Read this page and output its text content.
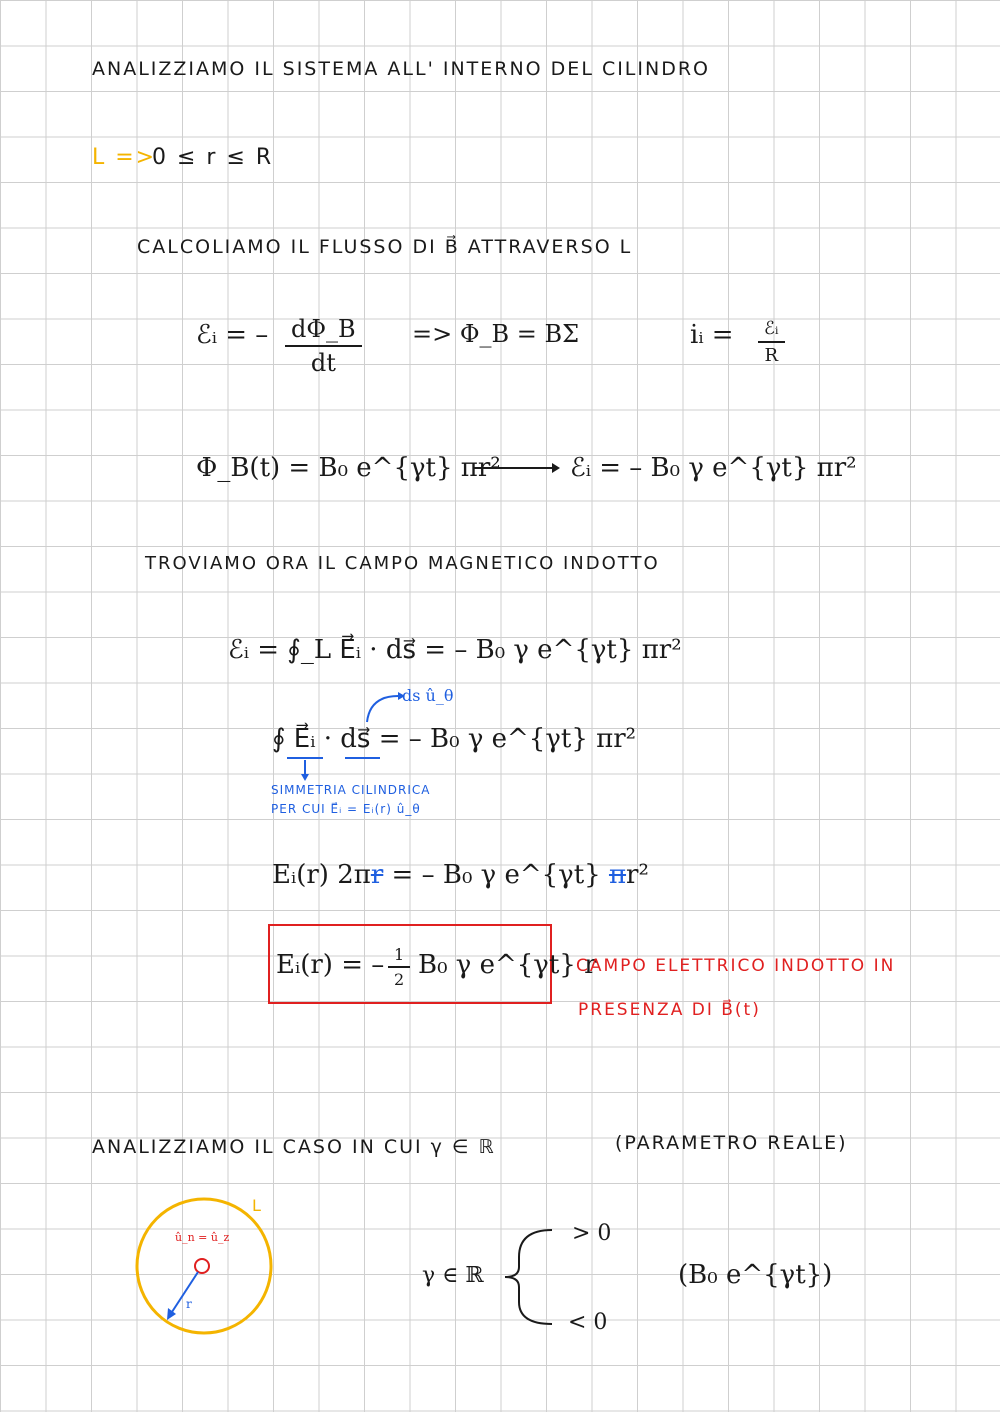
ANALIZZIAMO IL SISTEMA ALL' INTERNO DEL CILINDRO
L =>
0 ≤ r ≤ R
CALCOLIAMO IL FLUSSO DI B⃗ ATTRAVERSO L
ℰᵢ = – $\frac{d\Phi\_B}{dt}$ => Φ_B = BΣ	iᵢ =	ℰᵢ
R
Φ_B(t) = B₀ e^{γt} πr²	ℰᵢ = – B₀ γ e^{γt} πr²
TROVIAMO ORA IL CAMPO MAGNETICO INDOTTO
ℰᵢ = ∮_L E⃗ᵢ · ds⃗ = – B₀ γ e^{γt} πr²
ds û_θ
∮ E⃗ᵢ · ds⃗ = – B₀ γ e^{γt} πr²
SIMMETRIA CILINDRICA
PER CUI E⃗ᵢ = Eᵢ(r) û_θ
Eᵢ(r) 2πr = – B₀ γ e^{γt} πr²
Eᵢ(r) = – $\frac{1}{2} B_0$ γ e^{γt} r
CAMPO ELETTRICO INDOTTO IN
PRESENZA DI B⃗(t)
ANALIZZIAMO IL CASO IN CUI γ ∈ ℝ	(PARAMETRO REALE)
L
û_n = û_z
r
γ ∈ ℝ
> 0
< 0
(B₀ e^{γt})
